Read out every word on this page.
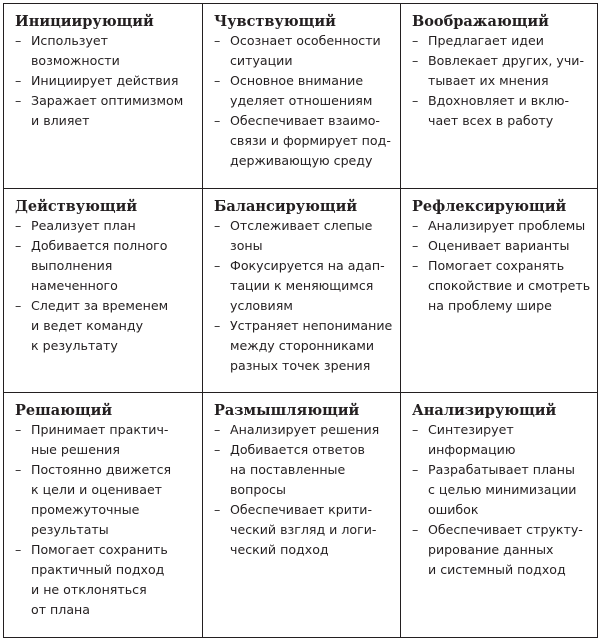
Инициирующий
– Использует
возможности
– Инициирует действия
– Заражает оптимизмом
и влияет
Чувствующий
– Осознает особенности
ситуации
– Основное внимание
уделяет отношениям
– Обеспечивает взаимо-
связи и формирует под-
держивающую среду
Воображающий
– Предлагает идеи
– Вовлекает других, учи-
тывает их мнения
– Вдохновляет и вклю-
чает всех в работу
Действующий
– Реализует план
– Добивается полного
выполнения
намеченного
– Следит за временем
и ведет команду
к результату
Балансирующий
– Отслеживает слепые
зоны
– Фокусируется на адап-
тации к меняющимся
условиям
– Устраняет непонимание
между сторонниками
разных точек зрения
Рефлексирующий
– Анализирует проблемы
– Оценивает варианты
– Помогает сохранять
спокойствие и смотреть
на проблему шире
Решающий
– Принимает практич-
ные решения
– Постоянно движется
к цели и оценивает
промежуточные
результаты
– Помогает сохранить
практичный подход
и не отклоняться
от плана
Размышляющий
– Анализирует решения
– Добивается ответов
на поставленные
вопросы
– Обеспечивает крити-
ческий взгляд и логи-
ческий подход
Анализирующий
– Синтезирует
информацию
– Разрабатывает планы
с целью минимизации
ошибок
– Обеспечивает структу-
рирование данных
и системный подход
